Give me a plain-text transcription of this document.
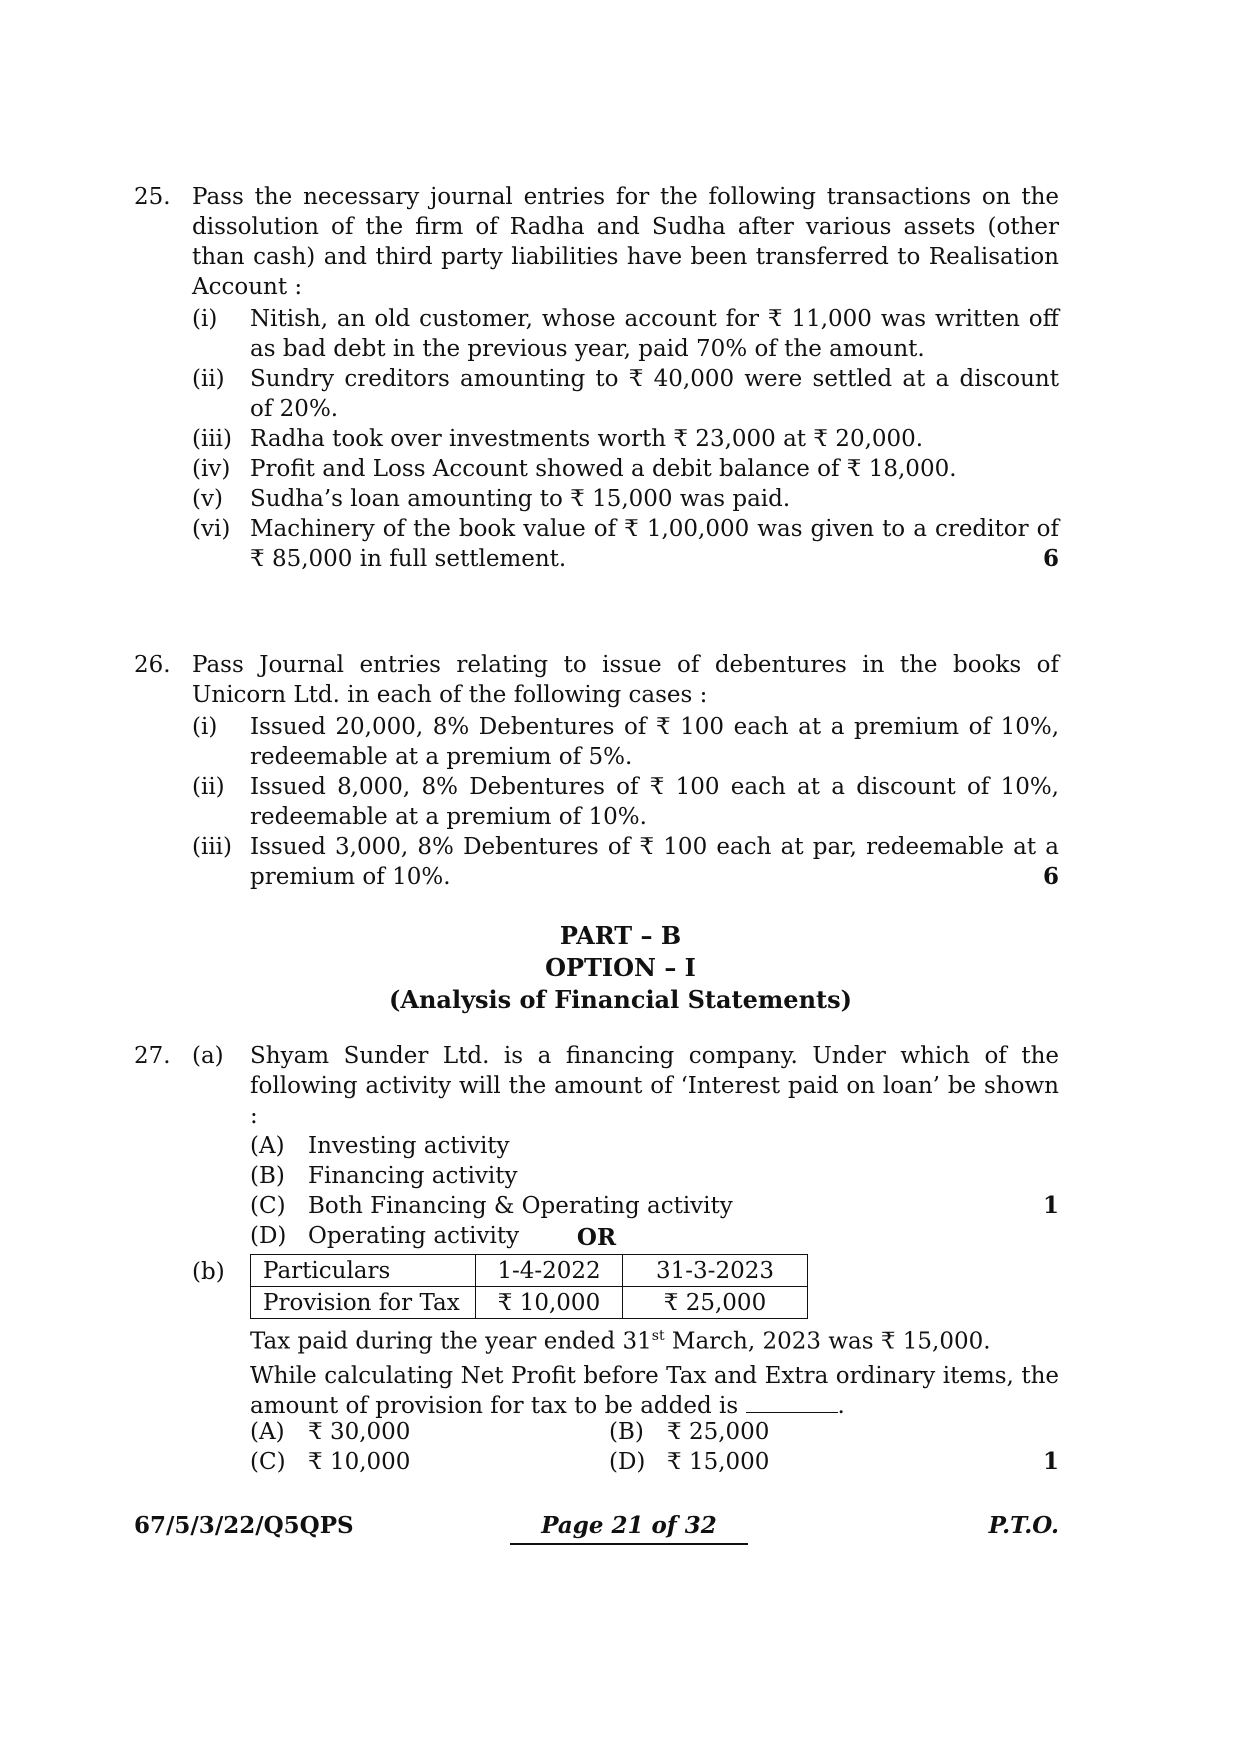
25. Pass the necessary journal entries for the following transactions on the dissolution of the firm of Radha and Sudha after various assets (other than cash) and third party liabilities have been transferred to Realisation Account :
(i) Nitish, an old customer, whose account for ₹ 11,000 was written off as bad debt in the previous year, paid 70% of the amount.
(ii) Sundry creditors amounting to ₹ 40,000 were settled at a discount of 20%.
(iii) Radha took over investments worth ₹ 23,000 at ₹ 20,000.
(iv) Profit and Loss Account showed a debit balance of ₹ 18,000.
(v) Sudha’s loan amounting to ₹ 15,000 was paid.
(vi) Machinery of the book value of ₹ 1,00,000 was given to a creditor of ₹ 85,000 in full settlement.	6
26. Pass Journal entries relating to issue of debentures in the books of Unicorn Ltd. in each of the following cases :
(i) Issued 20,000, 8% Debentures of ₹ 100 each at a premium of 10%, redeemable at a premium of 5%.
(ii) Issued 8,000, 8% Debentures of ₹ 100 each at a discount of 10%, redeemable at a premium of 10%.
(iii) Issued 3,000, 8% Debentures of ₹ 100 each at par, redeemable at a premium of 10%.	6
PART – B
OPTION – I
(Analysis of Financial Statements)
27. (a) Shyam Sunder Ltd. is a financing company. Under which of the following activity will the amount of ‘Interest paid on loan’ be shown :
(A) Investing activity
(B) Financing activity
(C) Both Financing & Operating activity
(D) Operating activity
1
OR
(b) Particulars	1-4-2022	31-3-2023
Provision for Tax	₹ 10,000	₹ 25,000
Tax paid during the year ended 31st March, 2023 was ₹ 15,000.
While calculating Net Profit before Tax and Extra ordinary items, the amount of provision for tax to be added is	.
(A) ₹ 30,000	(B) ₹ 25,000
(C) ₹ 10,000	(D) ₹ 15,000	1
67/5/3/22/Q5QPS	Page 21 of 32	P.T.O.
